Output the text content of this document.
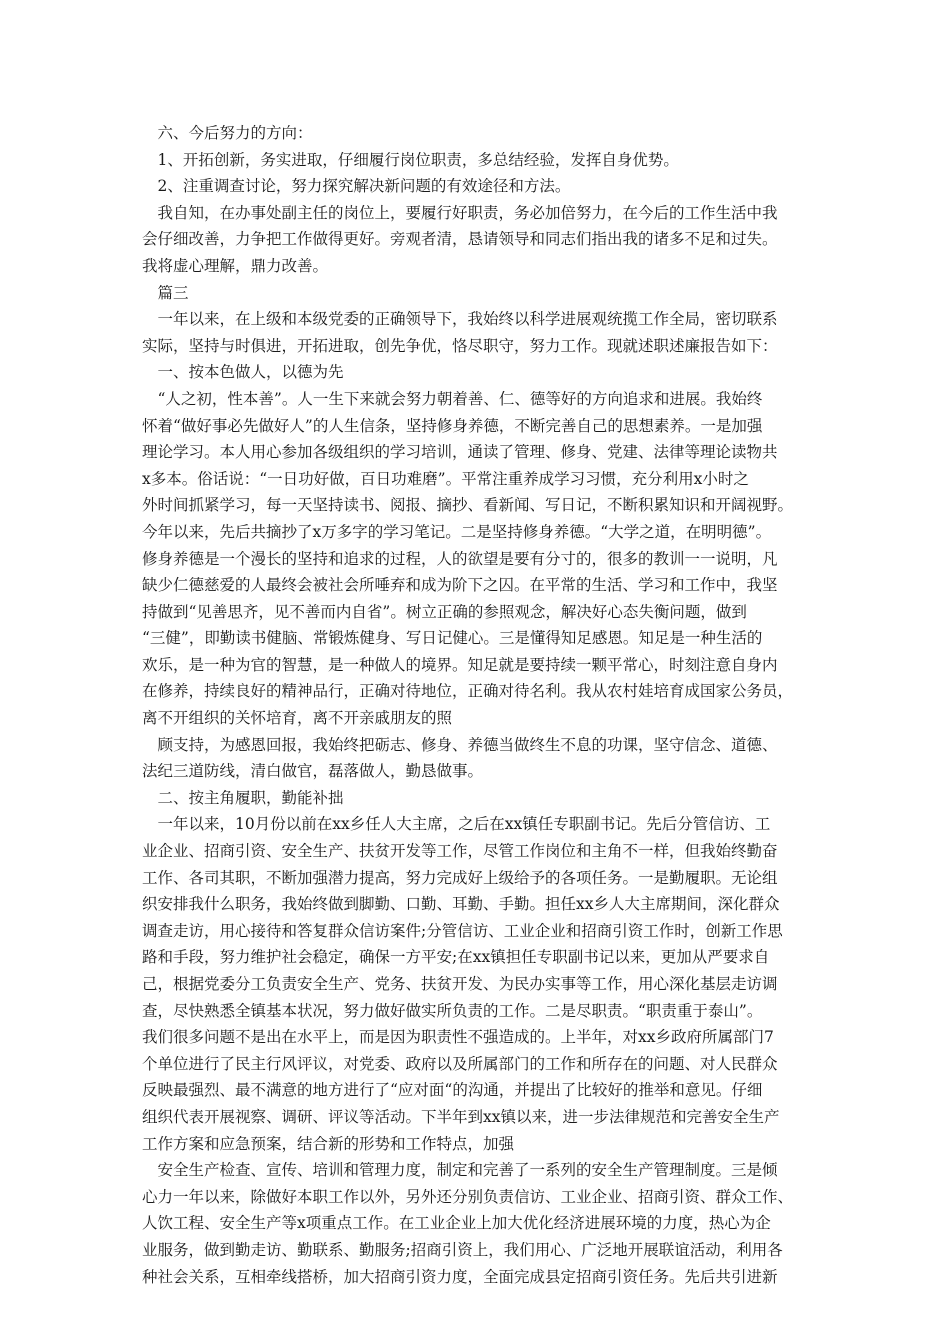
　六、今后努力的方向：
　1、开拓创新，务实进取，仔细履行岗位职责，多总结经验，发挥自身优势。
　2、注重调查讨论，努力探究解决新问题的有效途径和方法。
　我自知，在办事处副主任的岗位上，要履行好职责，务必加倍努力，在今后的工作生活中我
会仔细改善，力争把工作做得更好。旁观者清，恳请领导和同志们指出我的诸多不足和过失。
我将虚心理解，鼎力改善。
　篇三
　一年以来，在上级和本级党委的正确领导下，我始终以科学进展观统揽工作全局，密切联系
实际，坚持与时俱进，开拓进取，创先争优，恪尽职守，努力工作。现就述职述廉报告如下：
　一、按本色做人，以德为先
　“人之初，性本善”。人一生下来就会努力朝着善、仁、德等好的方向追求和进展。我始终
怀着“做好事必先做好人”的人生信条，坚持修身养德，不断完善自己的思想素养。一是加强
理论学习。本人用心参加各级组织的学习培训，通读了管理、修身、党建、法律等理论读物共
x多本。俗话说：“一日功好做，百日功难磨”。平常注重养成学习习惯，充分利用x小时之
外时间抓紧学习，每一天坚持读书、阅报、摘抄、看新闻、写日记，不断积累知识和开阔视野。
今年以来，先后共摘抄了x万多字的学习笔记。二是坚持修身养德。“大学之道，在明明德”。
修身养德是一个漫长的坚持和追求的过程，人的欲望是要有分寸的，很多的教训一一说明，凡
缺少仁德慈爱的人最终会被社会所唾弃和成为阶下之囚。在平常的生活、学习和工作中，我坚
持做到“见善思齐，见不善而内自省”。树立正确的参照观念，解决好心态失衡问题，做到
“三健”，即勤读书健脑、常锻炼健身、写日记健心。三是懂得知足感恩。知足是一种生活的
欢乐，是一种为官的智慧，是一种做人的境界。知足就是要持续一颗平常心，时刻注意自身内
在修养，持续良好的精神品行，正确对待地位，正确对待名利。我从农村娃培育成国家公务员，
离不开组织的关怀培育，离不开亲戚朋友的照
　顾支持，为感恩回报，我始终把砺志、修身、养德当做终生不息的功课，坚守信念、道德、
法纪三道防线，清白做官，磊落做人，勤恳做事。
　二、按主角履职，勤能补拙
　一年以来，10月份以前在xx乡任人大主席，之后在xx镇任专职副书记。先后分管信访、工
业企业、招商引资、安全生产、扶贫开发等工作，尽管工作岗位和主角不一样，但我始终勤奋
工作、各司其职，不断加强潜力提高，努力完成好上级给予的各项任务。一是勤履职。无论组
织安排我什么职务，我始终做到脚勤、口勤、耳勤、手勤。担任xx乡人大主席期间，深化群众
调查走访，用心接待和答复群众信访案件;分管信访、工业企业和招商引资工作时，创新工作思
路和手段，努力维护社会稳定，确保一方平安;在xx镇担任专职副书记以来，更加从严要求自
己，根据党委分工负责安全生产、党务、扶贫开发、为民办实事等工作，用心深化基层走访调
查，尽快熟悉全镇基本状况，努力做好做实所负责的工作。二是尽职责。“职责重于泰山”。
我们很多问题不是出在水平上，而是因为职责性不强造成的。上半年，对xx乡政府所属部门7
个单位进行了民主行风评议，对党委、政府以及所属部门的工作和所存在的问题、对人民群众
反映最强烈、最不满意的地方进行了“应对面“的沟通，并提出了比较好的推举和意见。仔细
组织代表开展视察、调研、评议等活动。下半年到xx镇以来，进一步法律规范和完善安全生产
工作方案和应急预案，结合新的形势和工作特点，加强
　安全生产检查、宣传、培训和管理力度，制定和完善了一系列的安全生产管理制度。三是倾
心力一年以来，除做好本职工作以外，另外还分别负责信访、工业企业、招商引资、群众工作、
人饮工程、安全生产等x项重点工作。在工业企业上加大优化经济进展环境的力度，热心为企
业服务，做到勤走访、勤联系、勤服务;招商引资上，我们用心、广泛地开展联谊活动，利用各
种社会关系，互相牵线搭桥，加大招商引资力度，全面完成县定招商引资任务。先后共引进新
